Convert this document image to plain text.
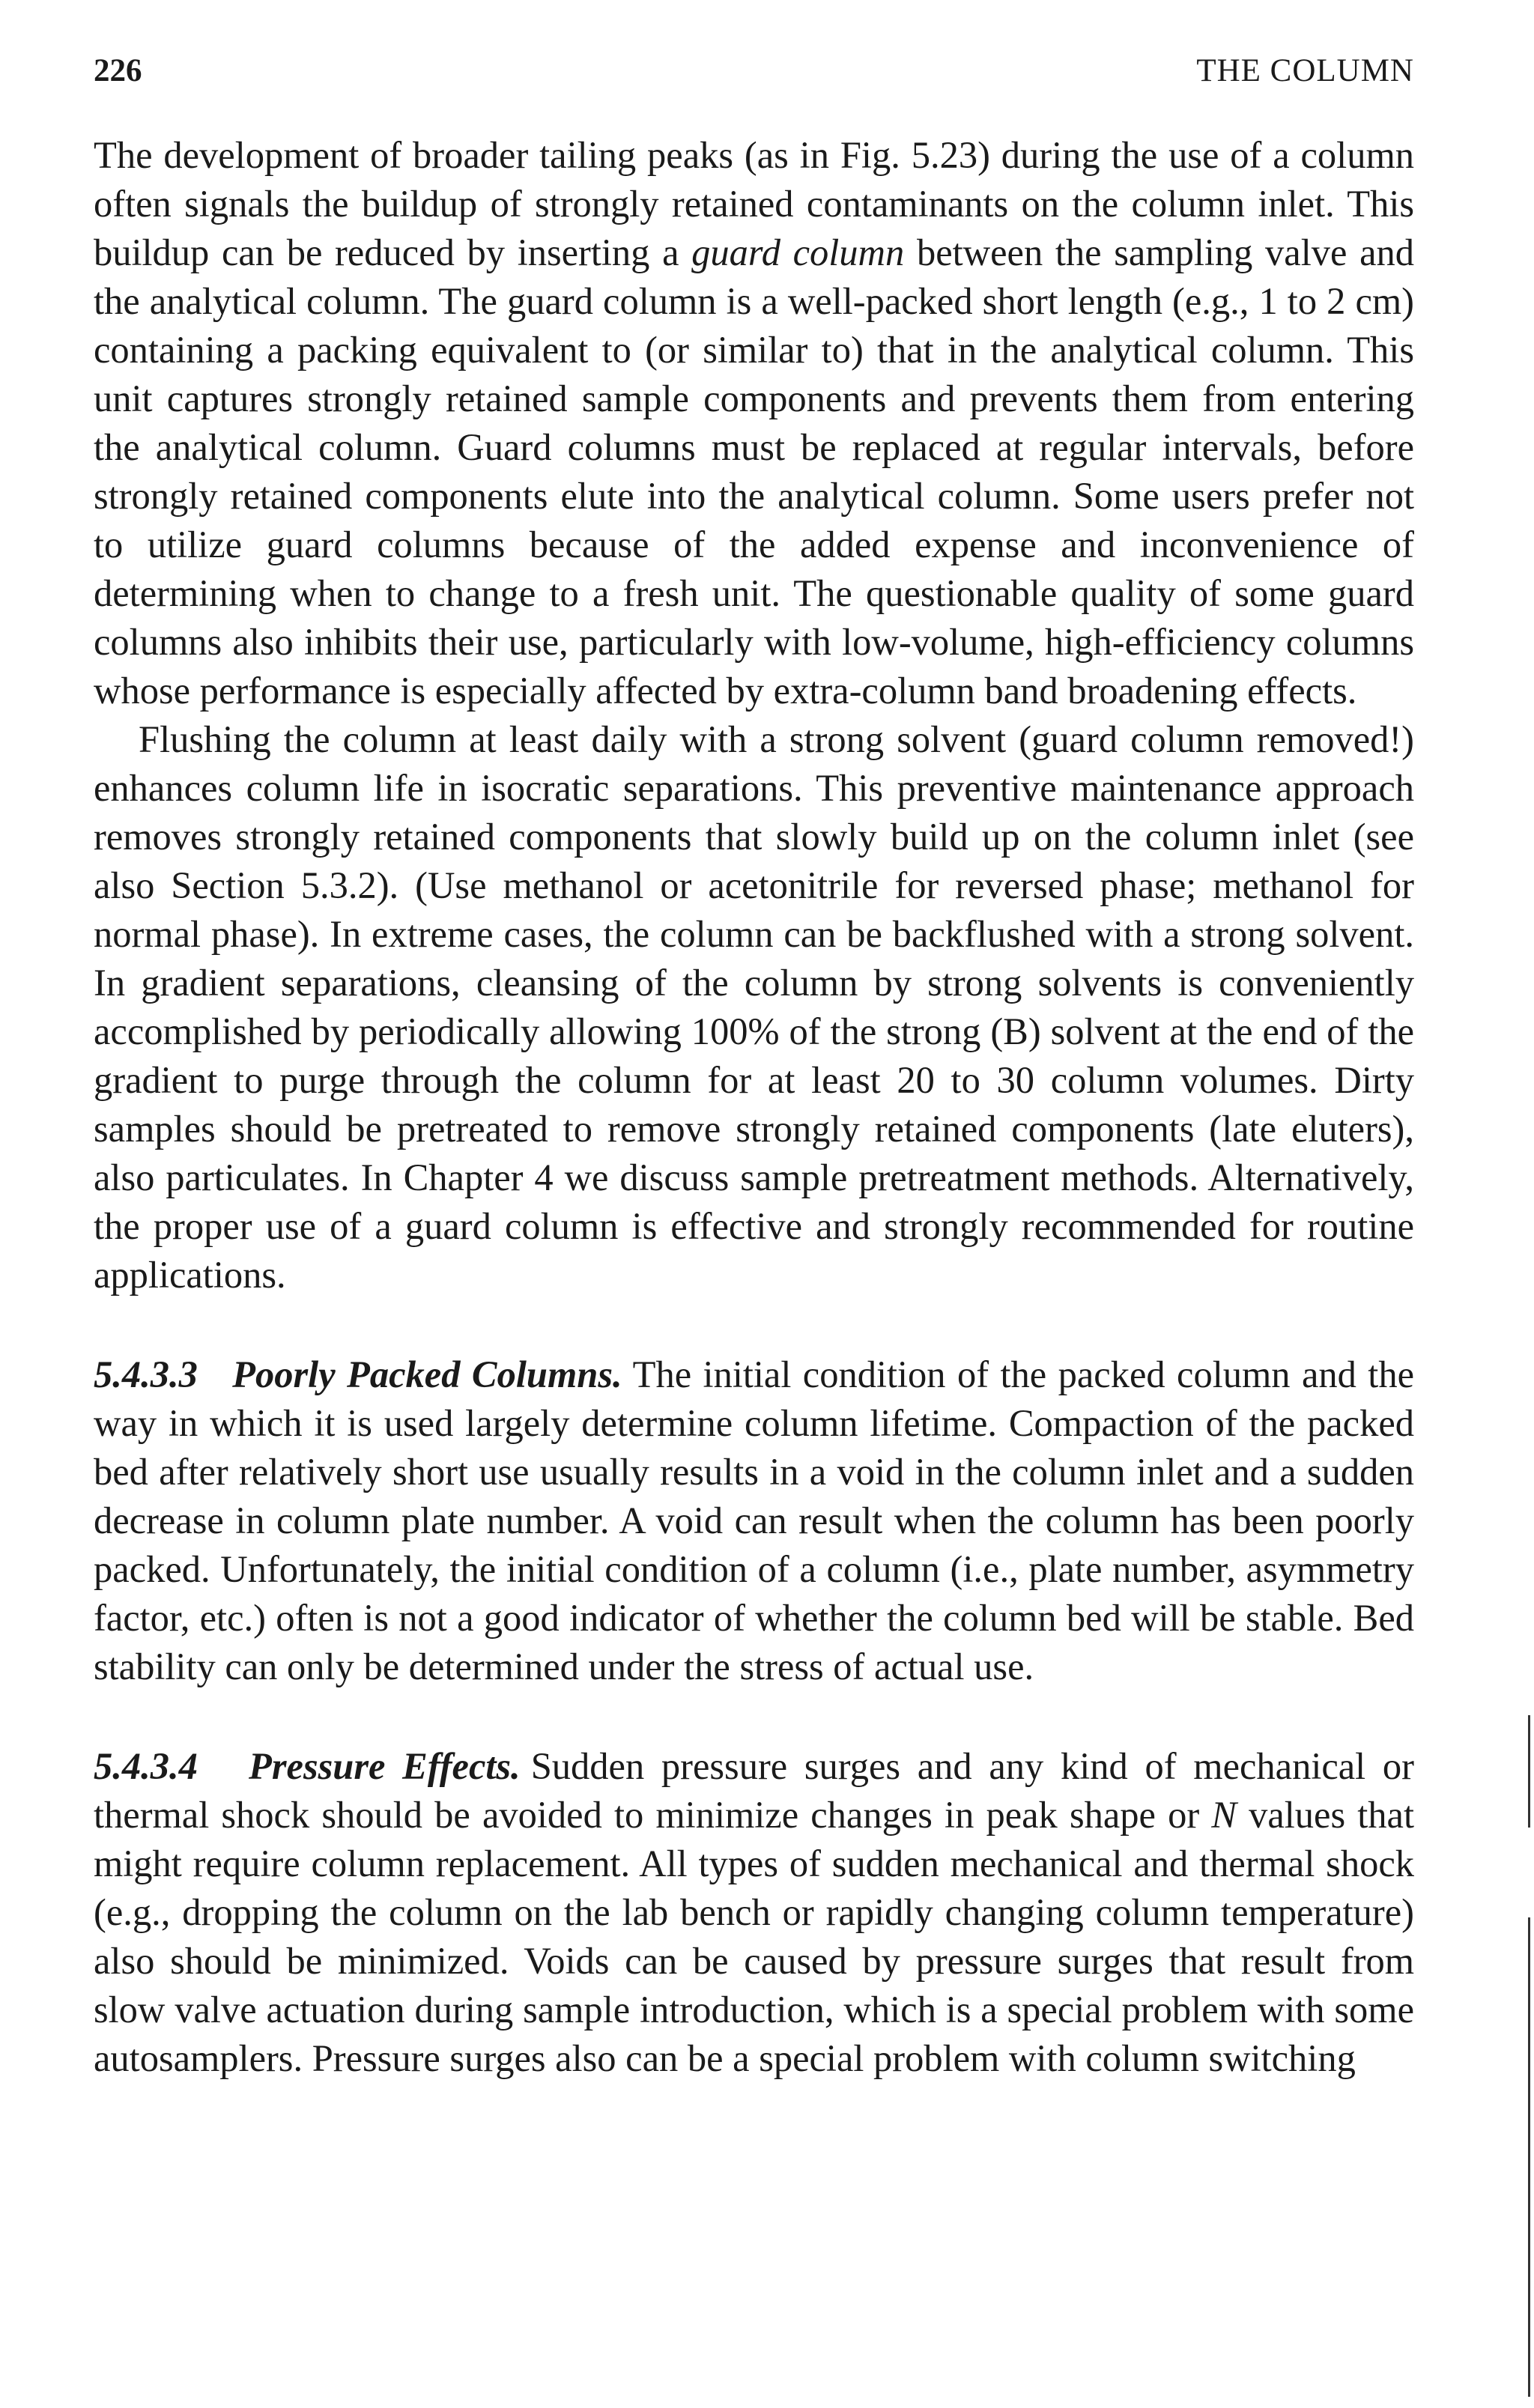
226	THE COLUMN

The development of broader tailing peaks (as in Fig. 5.23) during the use of a column often signals the buildup of strongly retained contaminants on the column inlet. This buildup can be reduced by inserting a guard column between the sampling valve and the analytical column. The guard column is a well-packed short length (e.g., 1 to 2 cm) containing a packing equivalent to (or similar to) that in the analytical column. This unit captures strongly retained sample components and prevents them from entering the analytical column. Guard columns must be replaced at regular intervals, before strongly retained components elute into the analytical column. Some users prefer not to utilize guard columns because of the added expense and inconvenience of determining when to change to a fresh unit. The questionable quality of some guard columns also inhibits their use, particularly with low-volume, high-efficiency columns whose performance is especially affected by extra-column band broadening effects.

Flushing the column at least daily with a strong solvent (guard column removed!) enhances column life in isocratic separations. This preventive maintenance approach removes strongly retained components that slowly build up on the column inlet (see also Section 5.3.2). (Use methanol or acetonitrile for reversed phase; methanol for normal phase). In extreme cases, the column can be backflushed with a strong solvent. In gradient separations, cleansing of the column by strong solvents is conveniently accomplished by periodically allowing 100% of the strong (B) solvent at the end of the gradient to purge through the column for at least 20 to 30 column volumes. Dirty samples should be pretreated to remove strongly retained components (late eluters), also particulates. In Chapter 4 we discuss sample pretreatment methods. Alternatively, the proper use of a guard column is effective and strongly recommended for routine applications.

5.4.3.3 Poorly Packed Columns. The initial condition of the packed column and the way in which it is used largely determine column lifetime. Compaction of the packed bed after relatively short use usually results in a void in the column inlet and a sudden decrease in column plate number. A void can result when the column has been poorly packed. Unfortunately, the initial condition of a column (i.e., plate number, asymmetry factor, etc.) often is not a good indicator of whether the column bed will be stable. Bed stability can only be determined under the stress of actual use.

5.4.3.4 Pressure Effects. Sudden pressure surges and any kind of mechanical or thermal shock should be avoided to minimize changes in peak shape or N values that might require column replacement. All types of sudden mechanical and thermal shock (e.g., dropping the column on the lab bench or rapidly changing column temperature) also should be minimized. Voids can be caused by pressure surges that result from slow valve actuation during sample introduction, which is a special problem with some autosamplers. Pressure surges also can be a special problem with column switching
